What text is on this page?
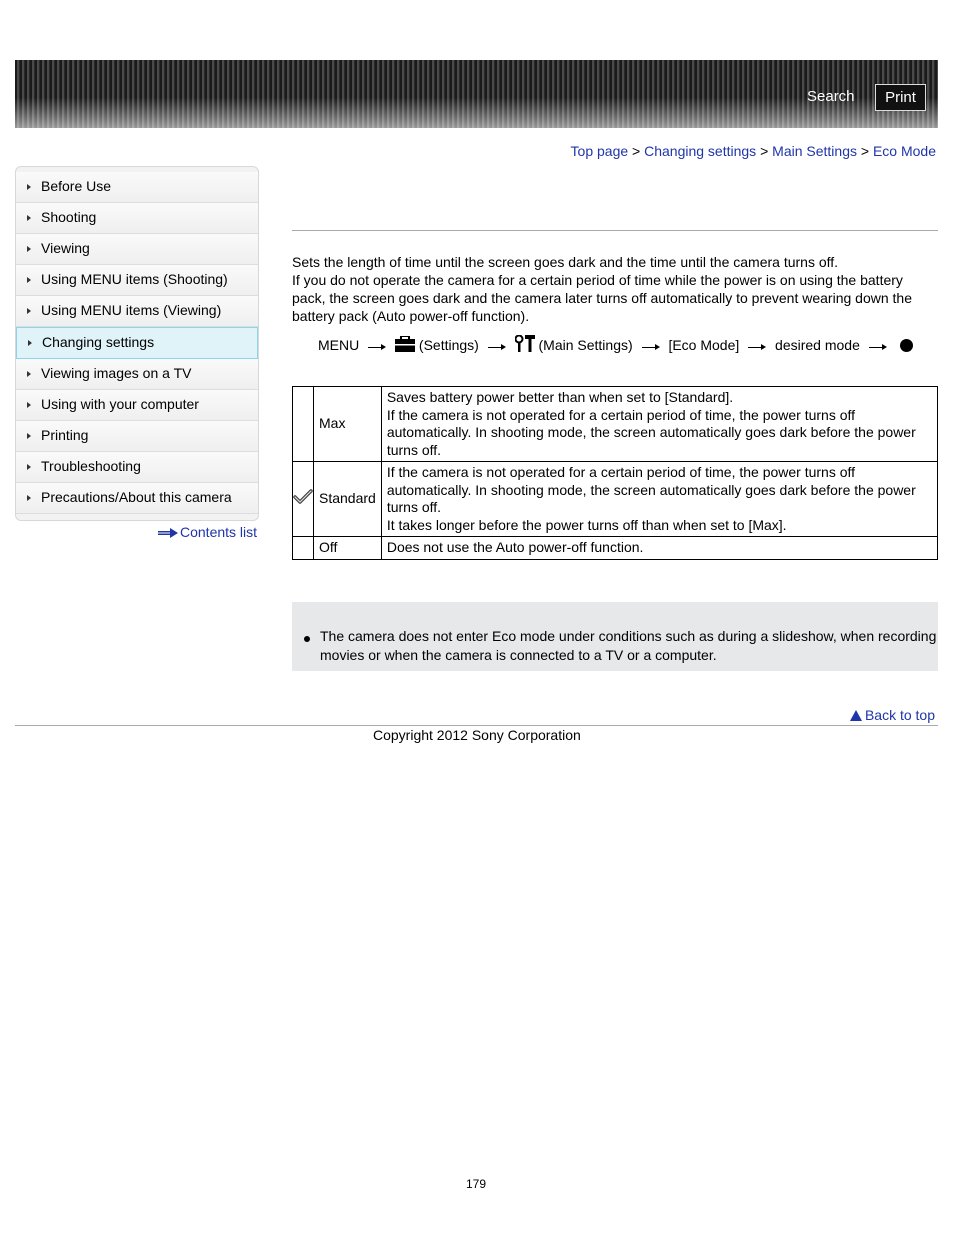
Search	Print
Top page > Changing settings > Main Settings > Eco Mode
Before Use
Shooting
Viewing
Using MENU items (Shooting)
Using MENU items (Viewing)
Changing settings
Viewing images on a TV
Using with your computer
Printing
Troubleshooting
Precautions/About this camera
Contents list
Sets the length of time until the screen goes dark and the time until the camera turns off.
If you do not operate the camera for a certain period of time while the power is on using the battery pack, the screen goes dark and the camera later turns off automatically to prevent wearing down the battery pack (Auto power-off function).
MENU	(Settings)	(Main Settings)	[Eco Mode]	desired mode
	Max	Saves battery power better than when set to [Standard].
If the camera is not operated for a certain period of time, the power turns off automatically. In shooting mode, the screen automatically goes dark before the power turns off.

	Standard	If the camera is not operated for a certain period of time, the power turns off automatically. In shooting mode, the screen automatically goes dark before the power turns off.
It takes longer before the power turns off than when set to [Max].

	Off	Does not use the Auto power-off function.
The camera does not enter Eco mode under conditions such as during a slideshow, when recording movies or when the camera is connected to a TV or a computer.
Back to top
Copyright 2012 Sony Corporation
179
